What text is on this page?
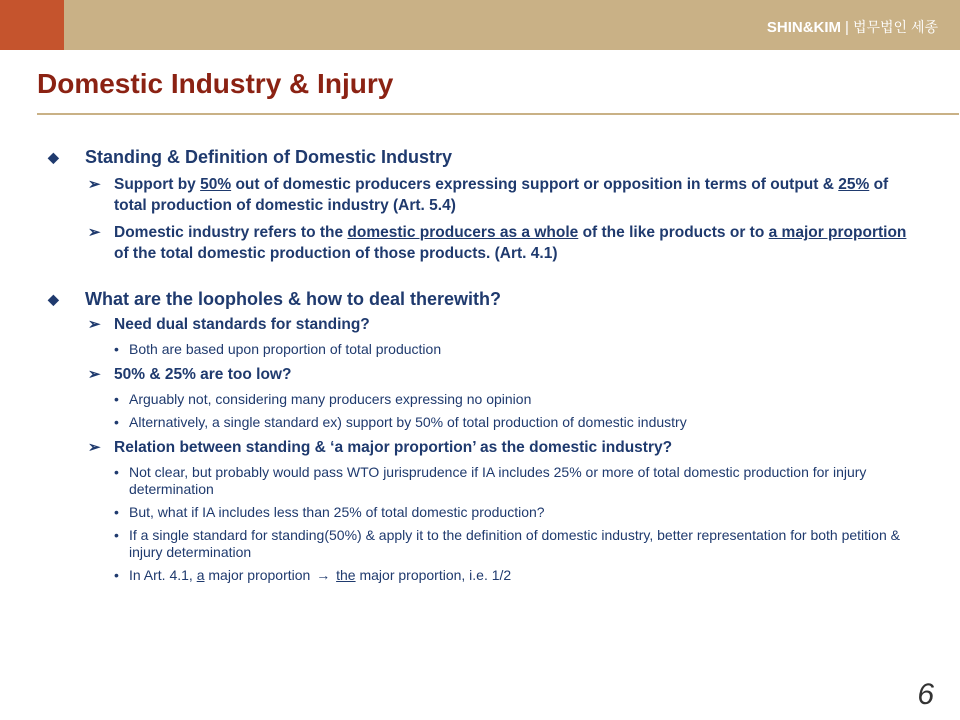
SHIN&KIM | 법무법인 세종
Domestic Industry & Injury
◆	Standing & Definition of Domestic Industry
➢ Support by 50% out of domestic producers expressing support or opposition in terms of output & 25% of total production of domestic industry (Art. 5.4)
➢ Domestic industry refers to the domestic producers as a whole of the like products or to a major proportion of the total domestic production of those products. (Art. 4.1)
◆	What are the loopholes & how to deal therewith?
➢ Need dual standards for standing?
• Both are based upon proportion of total production
➢ 50% & 25% are too low?
• Arguably not, considering many producers expressing no opinion
• Alternatively, a single standard ex) support by 50% of total production of domestic industry
➢ Relation between standing & ‘a major proportion’ as the domestic industry?
• Not clear, but probably would pass WTO jurisprudence if IA includes 25% or more of total domestic production for injury determination
• But, what if IA includes less than 25% of total domestic production?
• If a single standard for standing(50%) & apply it to the definition of domestic industry, better representation for both petition & injury determination
• In Art. 4.1, a major proportion → the major proportion, i.e. 1/2
6
